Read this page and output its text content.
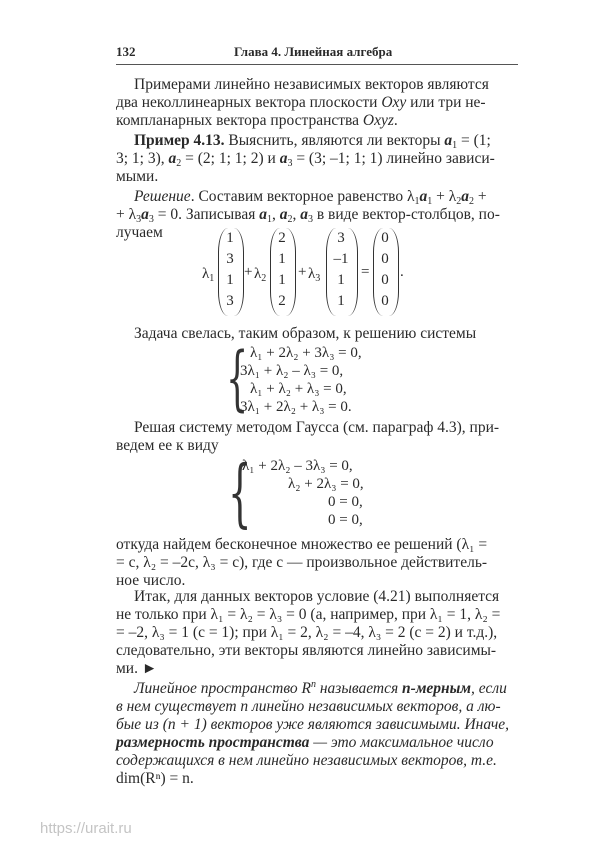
132	Глава 4. Линейная алгебра
Примерами линейно независимых векторов являются
два неколлинеарных вектора плоскости Oxy или три не-
компланарных вектора пространства Oxyz.
Пример 4.13. Выяснить, являются ли векторы $a_1 = (1$;
3; 1; 3), $a_2 = (2$; 1; 1; 2) и $a_3 = (3$; –1; 1; 1) линейно зависи-
мыми.
Решение. Составим векторное равенство $\lambda_1a_1 + \lambda_2a_2$ +
+ $\lambda_3a_3 = 0$. Записывая $a_1$, $a_2$, $a_3$ в виде вектор-столбцов, по-
лучаем
$\lambda_1$
1
3
1
3
+ $\lambda_2$
2
1
1
2
+ $\lambda_3$
3
–1
1
1
=
0
0
0
0
.
Задача свелась, таким образом, к решению системы
{ λ₁ + 2λ₂ + 3λ₃ = 0,
3λ₁ + λ₂ – λ₃ = 0,
λ₁ + λ₂ + λ₃ = 0,
3λ₁ + 2λ₂ + λ₃ = 0.
Решая систему методом Гаусса (см. параграф 4.3), при-
ведем ее к виду
{
λ₁ + 2λ₂ – 3λ₃ = 0,
λ₂ + 2λ₃ = 0,
0 = 0,
0 = 0,
откуда найдем бесконечное множество ее решений (λ₁ =
= c, λ₂ = –2c, λ₃ = c), где c — произвольное действитель-
ное число.
Итак, для данных векторов условие (4.21) выполняется
не только при λ₁ = λ₂ = λ₃ = 0 (а, например, при λ₁ = 1, λ₂ =
= –2, λ₃ = 1 (c = 1); при λ₁ = 2, λ₂ = –4, λ₃ = 2 (c = 2) и т.д.),
следовательно, эти векторы являются линейно зависимы-
ми. ►
Линейное пространство $R^n$ называется n-мерным, если
в нем существует n линейно независимых векторов, а лю-
бые из (n + 1) векторов уже являются зависимыми. Иначе,
размерность пространства — это максимальное число
содержащихся в нем линейно независимых векторов, т.е.
dim(Rⁿ) = n.
https://urait.ru
